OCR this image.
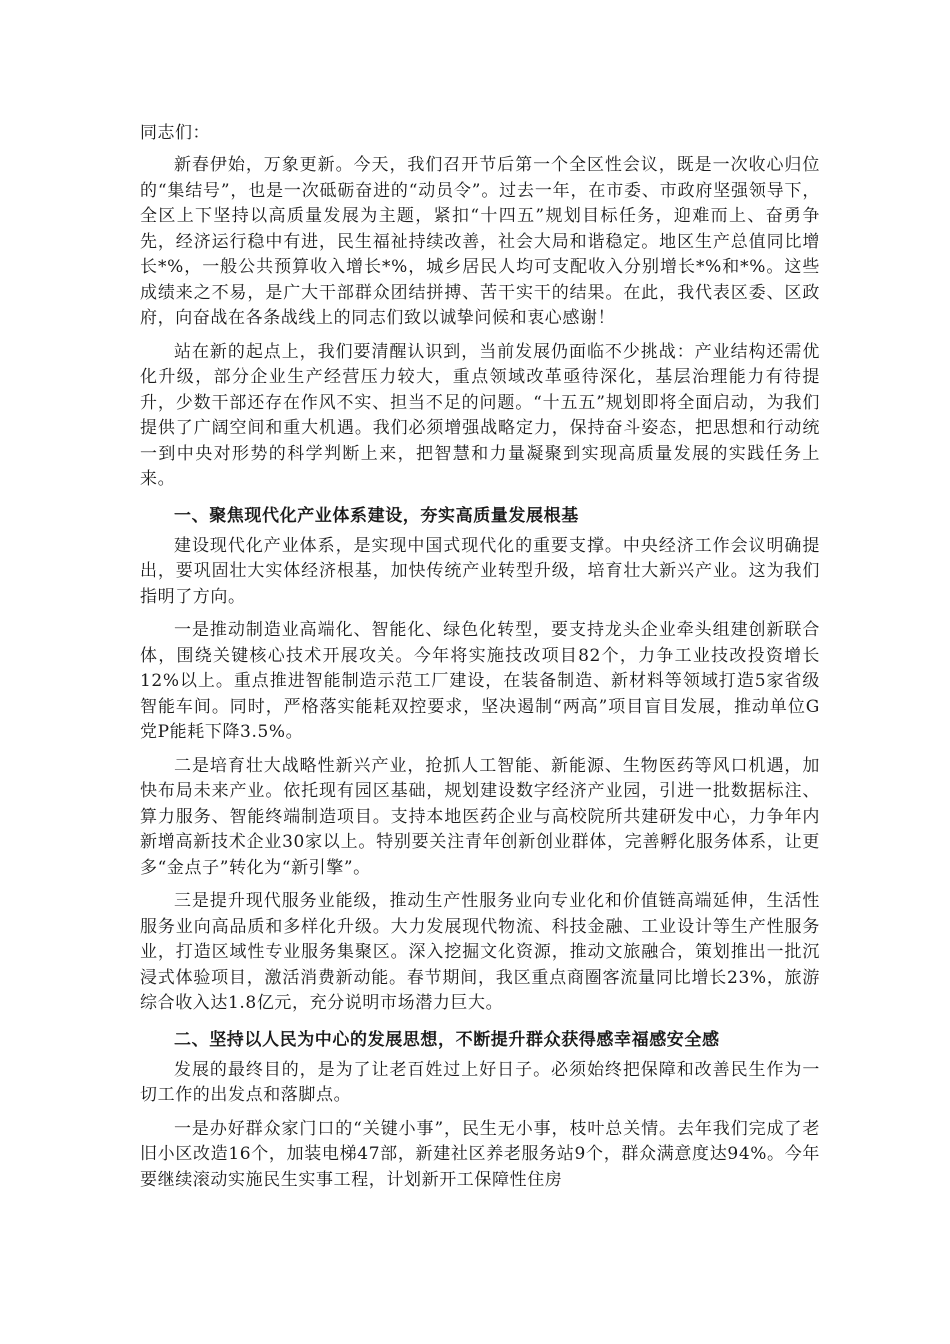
同志们：

新春伊始，万象更新。今天，我们召开节后第一个全区性会议，既是一次收心归位的“集结号”，也是一次砥砺奋进的“动员令”。过去一年，在市委、市政府坚强领导下，全区上下坚持以高质量发展为主题，紧扣“十四五”规划目标任务，迎难而上、奋勇争先，经济运行稳中有进，民生福祉持续改善，社会大局和谐稳定。地区生产总值同比增长*%，一般公共预算收入增长*%，城乡居民人均可支配收入分别增长*%和*%。这些成绩来之不易，是广大干部群众团结拼搏、苦干实干的结果。在此，我代表区委、区政府，向奋战在各条战线上的同志们致以诚挚问候和衷心感谢！

站在新的起点上，我们要清醒认识到，当前发展仍面临不少挑战：产业结构还需优化升级，部分企业生产经营压力较大，重点领域改革亟待深化，基层治理能力有待提升，少数干部还存在作风不实、担当不足的问题。“十五五”规划即将全面启动，为我们提供了广阔空间和重大机遇。我们必须增强战略定力，保持奋斗姿态，把思想和行动统一到中央对形势的科学判断上来，把智慧和力量凝聚到实现高质量发展的实践任务上来。

一、聚焦现代化产业体系建设，夯实高质量发展根基

建设现代化产业体系，是实现中国式现代化的重要支撑。中央经济工作会议明确提出，要巩固壮大实体经济根基，加快传统产业转型升级，培育壮大新兴产业。这为我们指明了方向。

一是推动制造业高端化、智能化、绿色化转型，要支持龙头企业牵头组建创新联合体，围绕关键核心技术开展攻关。今年将实施技改项目82个，力争工业技改投资增长12%以上。重点推进智能制造示范工厂建设，在装备制造、新材料等领域打造5家省级智能车间。同时，严格落实能耗双控要求，坚决遏制“两高”项目盲目发展，推动单位G党P能耗下降3.5%。

二是培育壮大战略性新兴产业，抢抓人工智能、新能源、生物医药等风口机遇，加快布局未来产业。依托现有园区基础，规划建设数字经济产业园，引进一批数据标注、算力服务、智能终端制造项目。支持本地医药企业与高校院所共建研发中心，力争年内新增高新技术企业30家以上。特别要关注青年创新创业群体，完善孵化服务体系，让更多“金点子”转化为“新引擎”。

三是提升现代服务业能级，推动生产性服务业向专业化和价值链高端延伸，生活性服务业向高品质和多样化升级。大力发展现代物流、科技金融、工业设计等生产性服务业，打造区域性专业服务集聚区。深入挖掘文化资源，推动文旅融合，策划推出一批沉浸式体验项目，激活消费新动能。春节期间，我区重点商圈客流量同比增长23%，旅游综合收入达1.8亿元，充分说明市场潜力巨大。

二、坚持以人民为中心的发展思想，不断提升群众获得感幸福感安全感

发展的最终目的，是为了让老百姓过上好日子。必须始终把保障和改善民生作为一切工作的出发点和落脚点。

一是办好群众家门口的“关键小事”，民生无小事，枝叶总关情。去年我们完成了老旧小区改造16个，加装电梯47部，新建社区养老服务站9个，群众满意度达94%。今年要继续滚动实施民生实事工程，计划新开工保障性住房
